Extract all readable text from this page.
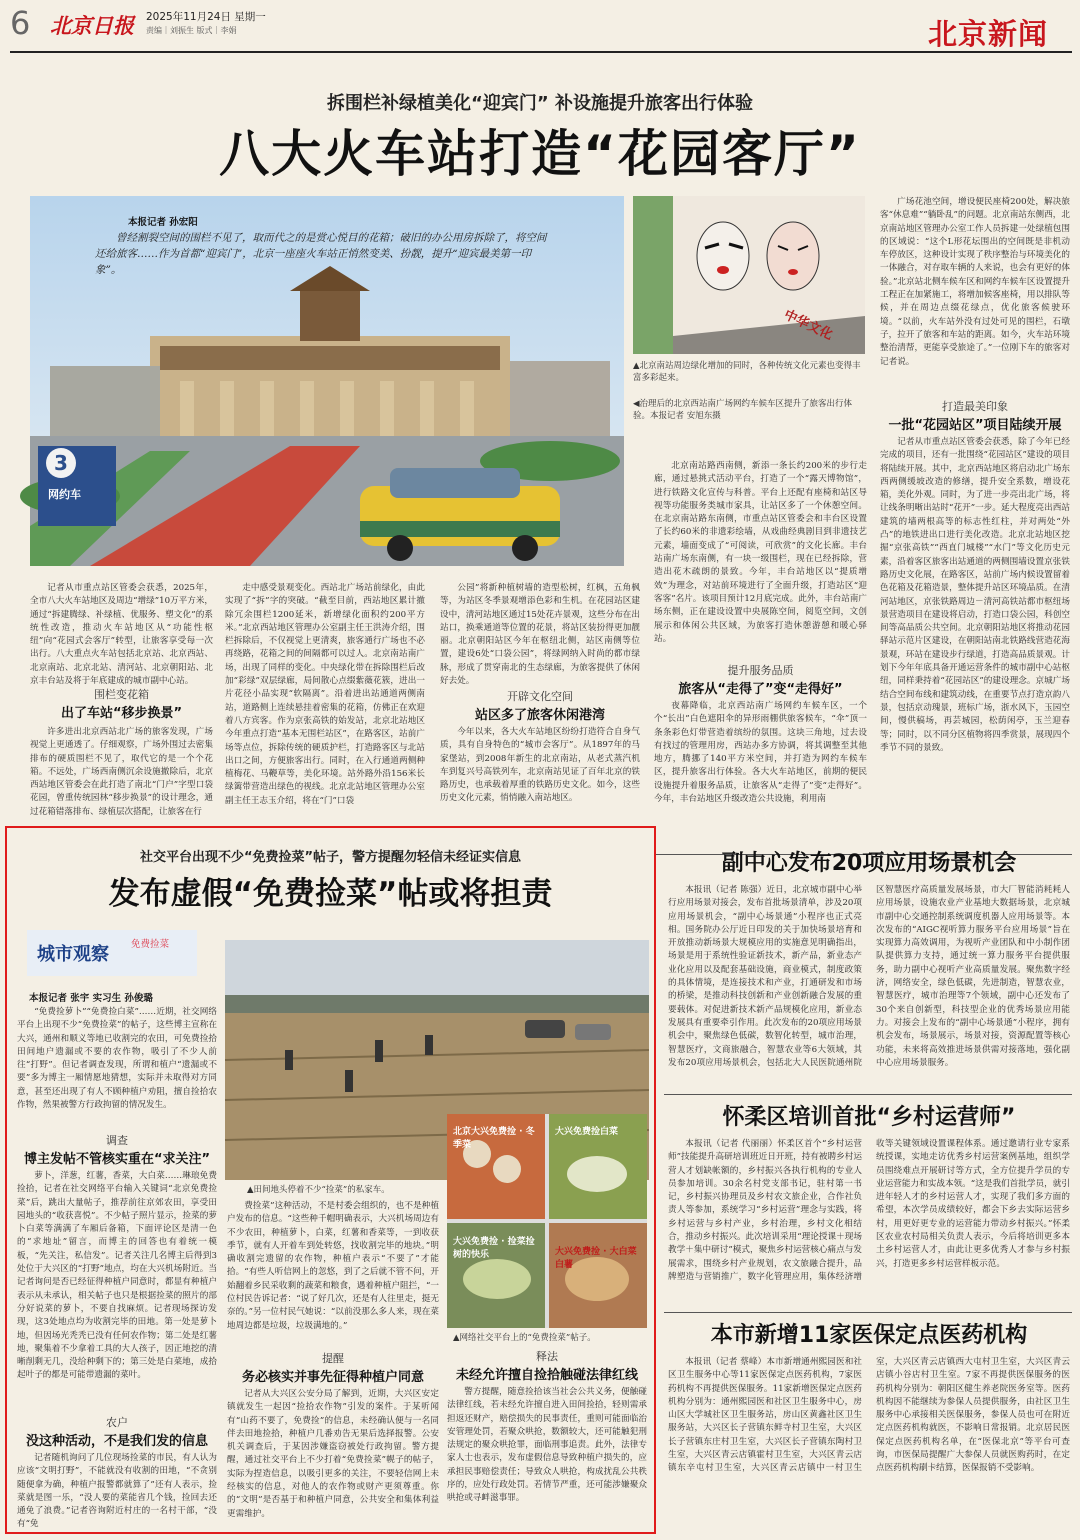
6 北京日报 2025年11月24日 星期一
责编｜刘振生 版式｜李娟	北京新闻
拆围栏补绿植美化“迎宾门” 补设施提升旅客出行体验
八大火车站打造“花园客厅”
3
网约车
本报记者 孙宏阳
曾经割裂空间的围栏不见了，取而代之的是赏心悦目的花箱；破旧的办公用房拆除了，将空间还给旅客……作为首都“迎宾门”，北京一座座火车站正悄然变美、扮靓，提升“迎宾最美第一印象”。
中华文化
▲北京南站周边绿化增加的同时，各种传统文化元素也变得丰富多彩起来。
◀治理后的北京西站南广场网约车候车区提升了旅客出行体验。本报记者 安旭东摄
记者从市重点站区管委会获悉，2025年，全市八大火车站地区及周边“增绿”10万平方米，通过“拆建腾绿、补绿植、优服务、塑文化”的系统性改造，推动火车站地区从“功能性枢纽”向“花园式会客厅”转型，让旅客享受每一次出行。八大重点火车站包括北京站、北京西站、北京南站、北京北站、清河站、北京朝阳站、北京丰台站及将于年底建成的城市副中心站。
围栏变花箱
出了车站“移步换景”
许多进出北京西站北广场的旅客发现，广场视觉上更通透了。仔细观察，广场外围过去密集排布的硬质围栏不见了，取代它的是一个个花箱。不远处，广场西南侧沉余设施撤除后，北京西站地区管委会在此打造了南北“门户”字型口袋花园，曾重传统园林“移步换景”的设计理念，通过花箱错落排布、绿植层次搭配，让旅客在行
走中感受景观变化。西站北广场站前绿化，由此实现了“拆”字的突破。“截至目前，西站地区累计撤除冗余围栏1200延米，新增绿化面积约200平方米。”北京西站地区管理办公室副主任王洪涛介绍，围栏拆除后，不仅视觉上更清爽，旅客通行广场也不必再绕路，花箱之间的间隔都可以过人。北京南站南广场，出现了同样的变化。中央绿化带在拆除围栏后改加“彩绿”双层绿廊，局间散心点缀紫薇花簇，进出一片花径小品实现“软隔离”。沿着进出站通道两侧南站，道路侧上连续悬挂着密集的花箱，仿佛正在欢迎着八方宾客。作为京张高铁的始发站，北京北站地区今年重点打造“基本无围栏站区”，在路客区，站前广场等点位，拆除传统的硬质护栏，打造路客区与北站出口之间，方便旅客出行。同时，在入行通道两侧种植梅花、马鞭草等，美化环境。站外路外沿156米长绿篱带营造出绿色的视线。北京北站地区管理办公室副主任王志玉介绍，将在“门”口袋
公园”将新种植树墙的造型松树，红枫，五角枫等，为站区冬季景观增添色彩和生机。在花园站区建设中，清河站地区通过15处花卉景观，这些分布在出站口，换乘通道等位置的花景，将站区装扮得更加靓丽。北京朝阳站区今年在枢纽北侧，站区南侧等位置，建设6处“口袋公园”，将绿网纳入时尚的都市绿脉，形成了贯穿南北的生态绿廊，为旅客提供了休闲好去处。
开辟文化空间
站区多了旅客休闲港湾
今年以来，各大火车站地区纷纷打造符合自身气质，具有自身特色的“城市会客厅”。从1897年的马家堡站，到2008年新生的北京南站，从老式蒸汽机车到复兴号高铁列车，北京南站见证了百年北京的铁路历史，也承载着厚重的铁路历史文化。如今，这些历史文化元素，悄悄融入南站地区。
北京南站路西南侧，新添一条长约200米的步行走廊，通过悬挑式活动平台，打造了一个“露天博物馆”，进行铁路文化宣传与科普。平台上还配有座椅和站区导视等功能服务类城市家具，让站区多了一个休憩空间。在北京南站路东南侧，市重点站区管委会和丰台区设置了长约60米的非遗彩绘墙，从戏曲经典剧目到非遗技艺元素，墙面变成了“可阅读，可欣赏”的文化长廊。丰台站南广场东南侧，有一块一级围栏，现在已经拆除，营造出花木疏朗的景致。今年，丰台站地区以“提质增效”为理念，对站前环境进行了全面升级，打造站区“迎客客”名片。该项目预计12月底完成。此外，丰台站南广场东侧，正在建设设置中央展陈空间，阅览空间，文创展示和体闲公共区域，为旅客打造休憩游憩和暖心驿站。
提升服务品质
旅客从“走得了”变“走得好”
夜幕降临，北京西站南广场网约车候车区，一个个“长出”白色遮阳伞的异形雨棚供旅客候车，“伞”顶一条条彩色灯带营造着缤纷的氛围。这块三角地，过去设有找过的管理用房，西站办多方协调，将其调整至其他地方，腾挪了140平方米空间，并打造为网约车候车区，提升旅客出行体验。各大火车站地区，前期的便民设施提升着服务品质，让旅客从“走得了”变“走得好”。今年，丰台站地区升级改造公共设施，利用南
广场花池空间，增设便民座椅200处，解决旅客“休息难”“躺卧乱”的问题。北京南站东侧西，北京南站地区管理办公室工作人员拆建一处绿植包围的区域说：“这个L形花坛围出的空间既是非机动车停放区，这种设计实现了秩序整治与环境美化的一体融合，对存取车辆的人来说，也会有更好的体验。”北京站北侧车候车区和网约车候车区设置提升工程正在加紧施工，将增加候客座椅，用以排队等候，并在周边点缀花绿点，优化旅客候驶环境。“以前，火车站外没有过处可见的围栏，石墩子，拉开了旅客和车站的距离。如今，火车站环境整治清帮，更能享受旅途了。”一位刚下车的旅客对记者说。
打造最美印象
一批“花园站区”项目陆续开展
记者从市重点站区管委会获悉，除了今年已经完成的项目，还有一批围绕“花园站区”建设的项目将陆续开展。其中，北京西站地区将启动北广场东西两侧缓坡改造的修缮，提升安全系数，增设花箱，美化外观。同时，为了进一步亮出北广场，将让线条明晰出站时“花开”一步。延大程度亮出西站建筑的墙两根高等的标志性红柱，并对两处“外凸”的地铁进出口进行美化改造。北京北站地区挖掘“京张高铁”“西直门城楼”“水门”等文化历史元素，沿着客区旅客出站通道的两侧围墙设置京张铁路历史文化展，在路客区，站前广场内候设置留着色花箱及花箱造景，整体提升站区环境品质。在清河站地区，京张铁路周边－清河高铁站都市枢纽场景营造项目在建设将启动，打造口袋公园，科创空间等高品质公共空间。北京朝阳站地区将推动花园驿站示范片区建设，在朝阳站南北铁路线营造花海景观，环站在建设步行绿道，打造高品质景观。计划下今年年底具备开通运营条件的城市副中心站枢纽，同样秉持着“花园站区”的建设理念。京城广场结合空间布线和建筑动线，在重要节点打造京韵八景，包括京动瑰景，班标广场，浙水风下，玉园空间，慢供稿场，再芸城园，松荫闲亭，玉兰迎春等；同时，以不同分区植物将四季赏景，展现四个季节不同的景致。
社交平台出现不少“免费捡菜”帖子，警方提醒勿轻信未经证实信息
发布虚假“免费捡菜”帖或将担责
城市观察 免费捡菜
本报记者 张宇 实习生 孙俊璐
“免费捡萝卜”“免费捡白菜”……近期，社交网络平台上出现不少“免费捡菜”的帖子，这些博主宣称在大兴，通州和顺义等地已收割完的农田，可免费捡拾田间地户遗漏或不要的农作物，吸引了不少人前往“打野”。但记者调查发现，所谓和植户“遗漏或不要”多为博主一厢情愿地猜想，实际并未取得对方同意，甚至还出现了有人不顾种植户劝阻，擅自捡拾农作物，然果被警方行政拘留的情况发生。
调查
博主发帖不管核实重在“求关注”
萝卜，洋葱，红薯，香菜，大白菜……琳琅免费捡拾，记者在社交网络平台输入关键词“北京免费捡菜”后，跳出大量帖子，推荐前往京郊农田，享受田园地头的“收获喜悦”。不少帖子照片显示，捡菜的萝卜白菜等满满了车厢后备箱，下面评论区是清一色的“求地址”留言，而博主的回答也有着统一模板，“先关注，私信发”。记者关注几名博主后得到3处位于大兴区的“打野”地点，均在大兴机场附近。当记者询问是否已经征得种植户同意时，都显有种植户表示从未承认，相关帖子也只是根据捡菜的照片的部分好说菜的萝卜，不要自找麻烦。记者现场探访发现，这3处地点均为收割完毕的田地。第一处是萝卜地，但因场光秃秃已没有任何农作物；第二处是红薯地，聚集着不少拿着工具的大人孩子，因正地挖的清晰削剩无几，没给种剩下的；第三处是白菜地，成拾起叶子的都是可能带遗漏的菜叶。
农户
没这种活动，不是我们发的信息
记者随机询问了几位现场捡菜的市民，有人认为应该“文明打野”，不能就没有收割的田地，“不贪别随便拿为确，种植户报警都就算了”还有人表示，捡菜就是图一乐，“没人要的菜能省几个钱，捡回去还通免了浪费。”记者咨询附近村庄的一名村干部，“没有“免
▲田间地头停着不少“捡菜”的私家车。
费捡菜”这种活动，不是村委会组织的，也不是种植户发布的信息。“这些种千帽明确表示，大兴机场周边有不少农田，种植萝卜，白菜，红薯和香菜等，一到收获季节，就有人开着车到处转悠，找收割完毕的地块。”明确收割完遗留的农作物，种植户表示“不要了”才能拾。“有些人听信网上的忽悠，到了之后就不管不问，开始翻着乡民采收剩的蔬菜和粮食，遇着种植户阻拦，“一位村民告诉记者：“说了好几次，还是有人往里走，挺无奈的。”另一位村民气她说：“以前没那么多人来，现在菜地周边都是垃圾，垃圾满地的。”
提醒
务必核实并事先征得种植户同意
记者从大兴区公安分局了解到，近期，大兴区安定镇就发生一起因“捡拾农作物”引发的案件。于某听闻有“山药不要了，免费捡”的信息，未经确认便与一名同伴去田地捡拾，种植户几番劝告无果后选择报警。公安机关调查后，于某因涉嫌盗窃被处行政拘留。警方提醒，通过社交平台上不少打着“免费捡菜”幌子的帖子，实际为捏造信息，以吸引更多的关注，不要轻信网上未经核实的信息，对他人的农作物或财产更须尊重。你的“文明”是否基于和种植户同意，公共安全和集体利益更需维护。
北京大兴免费捡 · 冬季菜
大兴免费捡白菜
大兴免费捡 · 捡菜捡树的快乐	大兴免费捡 · 大白菜 白薯
▲网络社交平台上的“免费捡菜”帖子。
释法
未经允许擅自捡拾触碰法律红线
警方提醒，随意捡拾该当社会公共义务，便触碰法律红线，若未经允许擅自进入田间捡拾，轻则需承担返还财产，赔偿损失的民事责任，重则可能面临治安管理处罚，若聚众哄抢，数额较大，还可能触犯刑法规定的聚众哄抢罪，面临刑事追责。此外，法律专家人士也表示，发布虚假信息导致种植户损失的，应承担民事赔偿责任；导致众人哄抢，构成扰乱公共秩序的，应处行政处罚。若情节严重，还可能涉嫌聚众哄抢或寻衅滋事罪。
副中心发布20项应用场景机会
本报讯（记者 陈强）近日，北京城市副中心举行应用场景对接会，发布首批场景清单，涉及20项应用场景机会，“副中心场景通”小程序也正式亮相。国务院办公厅近日印发的关于加快场景培育和开放推动新场景大规模应用的实施意见明确指出，场景是用于系统性验证新技术，新产品，新业态产业化应用以及配套基础设施，商业模式，制度政策的具体情境，是连接技术和产业，打通研发和市场的桥梁，是推动科技创新和产业创新融合发展的重要载体。对促进新技术新产品规模化应用，新业态发展具有重要牵引作用。此次发布的20项应用场景机会中，聚焦绿色低碳，数智化转型，城市治理，智慧医疗，文商旅融合，智慧农业等6大领域，其发布20项应用场景机会，包括北大人民医院通州院区智慧医疗高质量发展场景，市大厂智能消耗耗人应用场景，设施农业产业基地大数据场景，北京城市副中心交通控制系统调度机器人应用场景等。本次发布的“AIGC视听算力服务平台应用场景”旨在实现算力高效调用，为视听产业团队和中小制作团队提供算力支持，通过统一算力服务平台提供服务，助力副中心视听产业高质量发展。聚焦数字经济，网络安全，绿色低碳，先进制造，智慧农业，智慧医疗，城市治理等7个领域，副中心还发布了30个来自创新型，科技型企业的优秀场景应用能力。对接会上发布的“副中心场景通”小程序，拥有机会发布，场景展示，场景对接，资源配置等核心功能，未来将高效推进场景供需对接落地，强化副中心应用场景服务。
怀柔区培训首批“乡村运营师”
本报讯（记者 代丽丽）怀柔区首个“乡村运营师”技能提升高研培训班近日开班，持有被聘乡村运营人才划缺帐额的，乡村振兴各执行机构的专业人员参加培训。30余名村党支部书记，驻村第一书记，乡村振兴协理员及乡村农文旅企业，合作社负责人等参加，系统学习“乡村运营”理念与实践，将乡村运营与乡村产业，乡村治理，乡村文化相结合，推动乡村振兴。此次培训采用“理论授课＋现场教学＋集中研讨”模式，聚焦乡村运营核心痛点与发展需求，围绕乡村产业规划，农文旅融合提升，品牌塑造与营销推广，数字化管理应用，集体经济增收等关键领域设置课程体系。通过邀请行业专家系统授课，实地走访优秀乡村运营案例基地，组织学员围绕难点开展研讨等方式，全方位提升学员的专业运营能力和实战本领。“这是我们首批学员，就引进年轻人才的乡村运营人才，实现了我们多方面的希望，本次学员成绩较好，都会下乡去实际运营乡村，用更好更专业的运营能力带动乡村振兴。”怀柔区农业农村局相关负责人表示，今后将培训更多本土乡村运营人才，由此让更多优秀人才参与乡村振兴，打造更多乡村运营样板示范。
本市新增11家医保定点医药机构
本报讯（记者 蔡峰）本市新增通州熙园医和社区卫生服务中心等11家医保定点医药机构，7家医药机构不再提供医保服务。11家新增医保定点医药机构分别为：通州熙园医和社区卫生服务中心，房山区大学城社区卫生服务站，房山区黄鑫社区卫生服务站，大兴区长子营镇东鲜寺村卫生室，大兴区长子营镇东庄村卫生室，大兴区长子营镇东陶村卫生室，大兴区青云店镇霍村卫生室，大兴区青云店镇东辛屯村卫生室，大兴区青云店镇中一村卫生室，大兴区青云店镇西大屯村卫生室，大兴区青云店镇小谷店村卫生室。7家不再提供医保服务的医药机构分别为：朝阳区健生养老院医务室等。医药机构因不能继续为参保人员提供服务，由社区卫生服务中心承接相关医保服务，参保人员也可在附近定点医药机构就医，不影响日常报销。北京居民医保定点医药机构名单，在“医保北京”等平台可查询，市医保局提醒广大参保人员就医购药时，在定点医药机构刷卡结算，医保报销不受影响。
